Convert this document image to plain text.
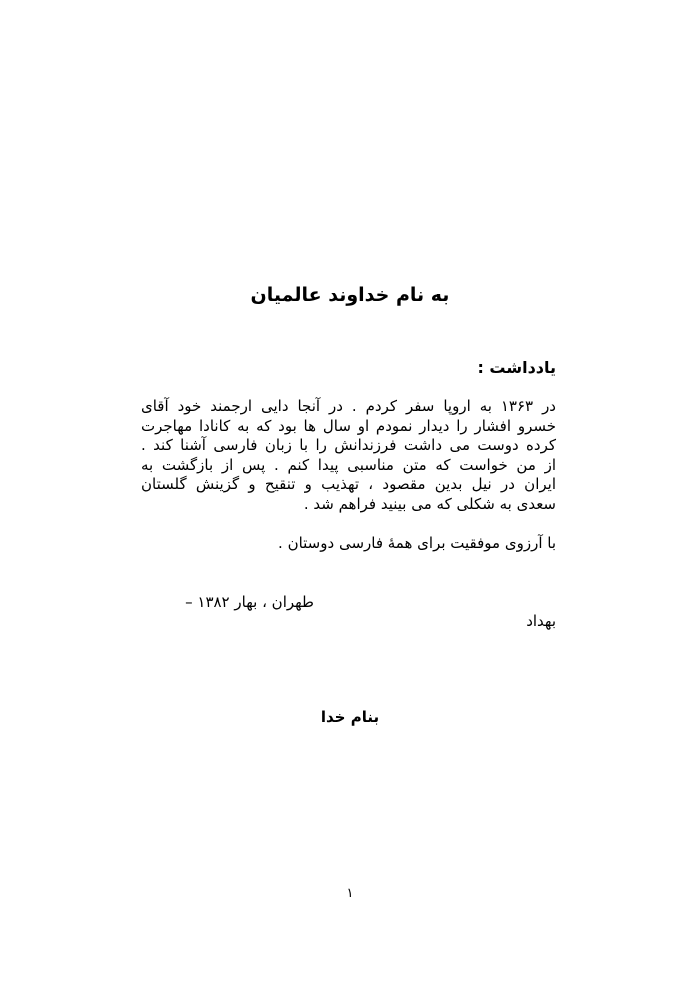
به نام خداوند عالمیان
یادداشت :
در ۱۳۶۳ به اروپا سفر کردم . در آنجا دایی ارجمند خود آقای
خسرو افشار را دیدار نمودم او سال ها بود که به کانادا مهاجرت
کرده دوست می داشت فرزندانش را با زبان فارسی آشنا کند .
از من خواست که متن مناسبی پیدا کنم . پس از بازگشت به
ایران در نیل بدین مقصود ، تهذیب و تنقیح و گزینش گلستان
سعدی به شکلی که می بینید فراهم شد .

با آرزوی موفقیت برای همهٔ فارسی دوستان .

طهران ، بهار ۱۳۸۲ –

بهداد

بنام خدا
۱
